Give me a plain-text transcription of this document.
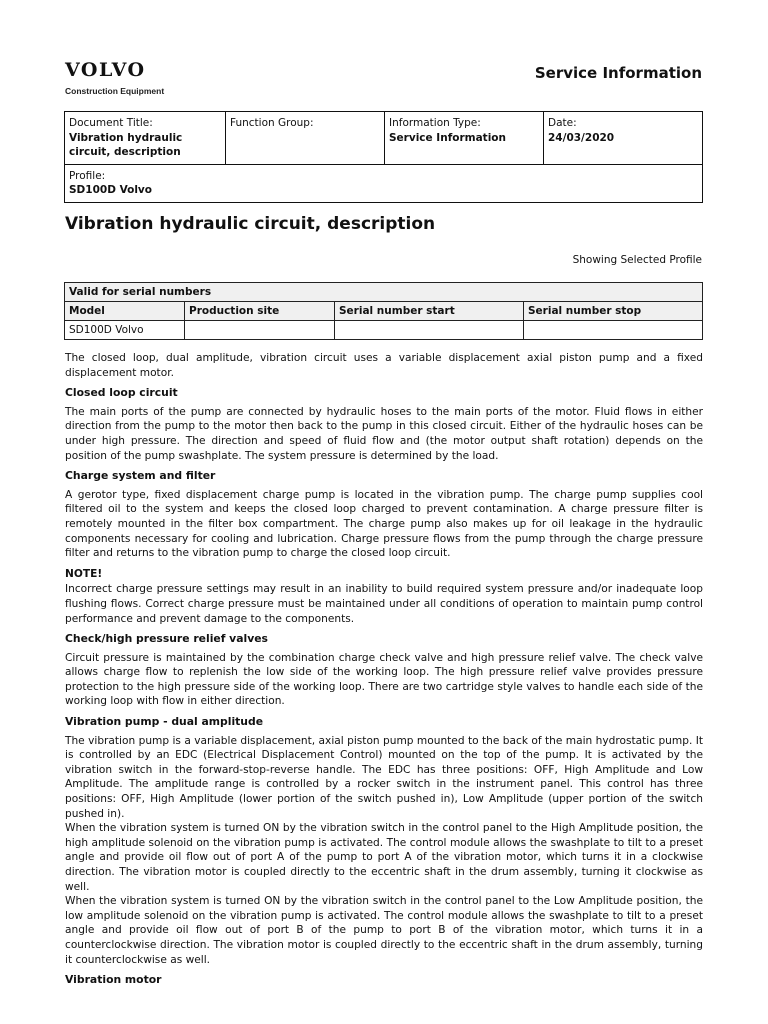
VOLVO
Construction Equipment
Service Information
Document Title:
Vibration hydraulic circuit, description

Function Group:	Information Type:
Service Information

Date:
24/03/2020

Profile:
SD100D Volvo
Vibration hydraulic circuit, description
Showing Selected Profile
Valid for serial numbers			
Model	Production site	Serial number start	Serial number stop
SD100D Volvo			

The closed loop, dual amplitude, vibration circuit uses a variable displacement axial piston pump and a fixed displacement motor.

Closed loop circuit

The main ports of the pump are connected by hydraulic hoses to the main ports of the motor. Fluid flows in either direction from the pump to the motor then back to the pump in this closed circuit. Either of the hydraulic hoses can be under high pressure. The direction and speed of fluid flow and (the motor output shaft rotation) depends on the position of the pump swashplate. The system pressure is determined by the load.

Charge system and filter

A gerotor type, fixed displacement charge pump is located in the vibration pump. The charge pump supplies cool filtered oil to the system and keeps the closed loop charged to prevent contamination. A charge pressure filter is remotely mounted in the filter box compartment. The charge pump also makes up for oil leakage in the hydraulic components necessary for cooling and lubrication. Charge pressure flows from the pump through the charge pressure filter and returns to the vibration pump to charge the closed loop circuit.

NOTE!

Incorrect charge pressure settings may result in an inability to build required system pressure and/or inadequate loop flushing flows. Correct charge pressure must be maintained under all conditions of operation to maintain pump control performance and prevent damage to the components.

Check/high pressure relief valves

Circuit pressure is maintained by the combination charge check valve and high pressure relief valve. The check valve allows charge flow to replenish the low side of the working loop. The high pressure relief valve provides pressure protection to the high pressure side of the working loop. There are two cartridge style valves to handle each side of the working loop with flow in either direction.

Vibration pump - dual amplitude

The vibration pump is a variable displacement, axial piston pump mounted to the back of the main hydrostatic pump. It is controlled by an EDC (Electrical Displacement Control) mounted on the top of the pump. It is activated by the vibration switch in the forward-stop-reverse handle. The EDC has three positions: OFF, High Amplitude and Low Amplitude. The amplitude range is controlled by a rocker switch in the instrument panel. This control has three positions: OFF, High Amplitude (lower portion of the switch pushed in), Low Amplitude (upper portion of the switch pushed in).

When the vibration system is turned ON by the vibration switch in the control panel to the High Amplitude position, the high amplitude solenoid on the vibration pump is activated. The control module allows the swashplate to tilt to a preset angle and provide oil flow out of port A of the pump to port A of the vibration motor, which turns it in a clockwise direction. The vibration motor is coupled directly to the eccentric shaft in the drum assembly, turning it clockwise as well.

When the vibration system is turned ON by the vibration switch in the control panel to the Low Amplitude position, the low amplitude solenoid on the vibration pump is activated. The control module allows the swashplate to tilt to a preset angle and provide oil flow out of port B of the pump to port B of the vibration motor, which turns it in a counterclockwise direction. The vibration motor is coupled directly to the eccentric shaft in the drum assembly, turning it counterclockwise as well.

Vibration motor
